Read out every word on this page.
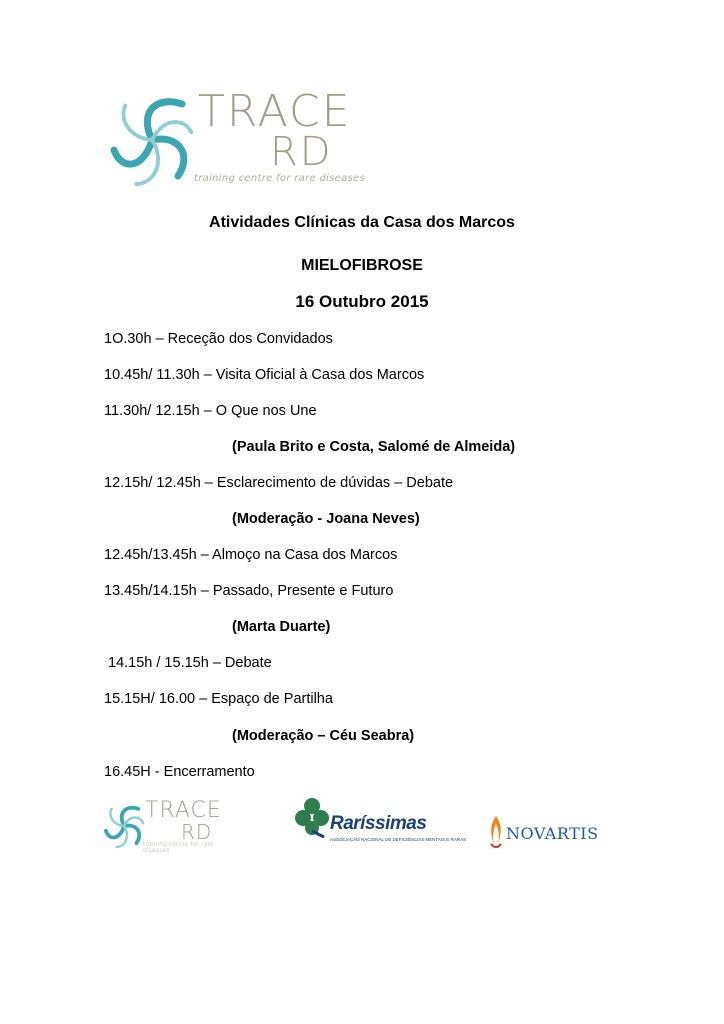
TRACE
RD
training centre for rare diseases
Atividades Clínicas da Casa dos Marcos
MIELOFIBROSE
16 Outubro 2015
1O.30h – Receção dos Convidados
10.45h/ 11.30h – Visita Oficial à Casa dos Marcos
11.30h/ 12.15h – O Que nos Une
(Paula Brito e Costa, Salomé de Almeida)
12.15h/ 12.45h – Esclarecimento de dúvidas – Debate
(Moderação - Joana Neves)
12.45h/13.45h – Almoço na Casa dos Marcos
13.45h/14.15h – Passado, Presente e Futuro
(Marta Duarte)
14.15h / 15.15h – Debate
15.15H/ 16.00 – Espaço de Partilha
(Moderação – Céu Seabra)
16.45H - Encerramento
TRACE
RD
training centre for rare diseases
Raríssimas
ASSOCIAÇÃO NACIONAL DE DEFICIÊNCIAS MENTAIS E RARAS NOVARTIS
